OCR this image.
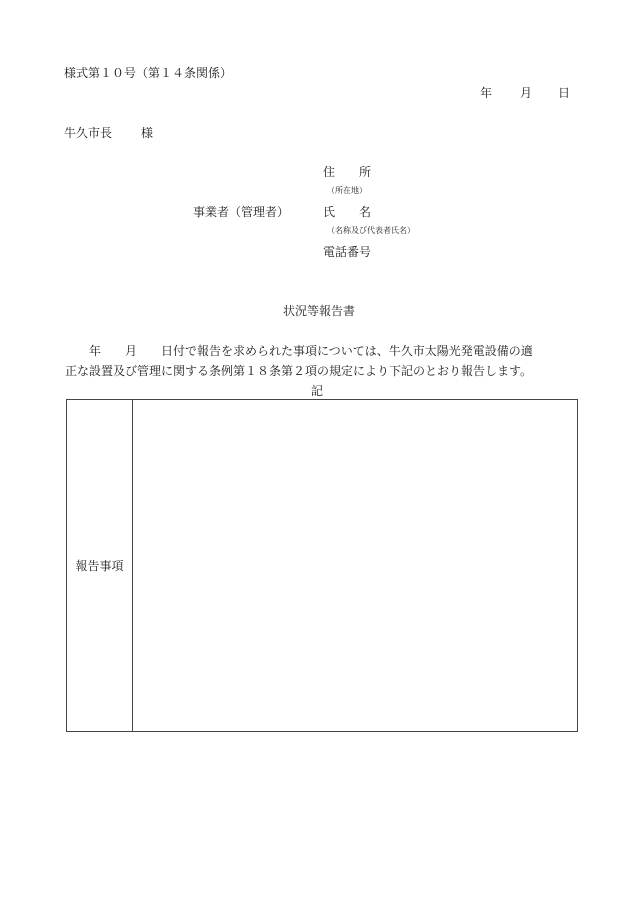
様式第１０号（第１４条関係）
年 月 日
牛久市長 様
住　　所
（所在地）
事業者（管理者）	氏　　名
（名称及び代表者氏名）
電話番号
状況等報告書
　　年　　月　　日付で報告を求められた事項については、牛久市太陽光発電設備の適
正な設置及び管理に関する条例第１８条第２項の規定により下記のとおり報告します。
記
報告事項
